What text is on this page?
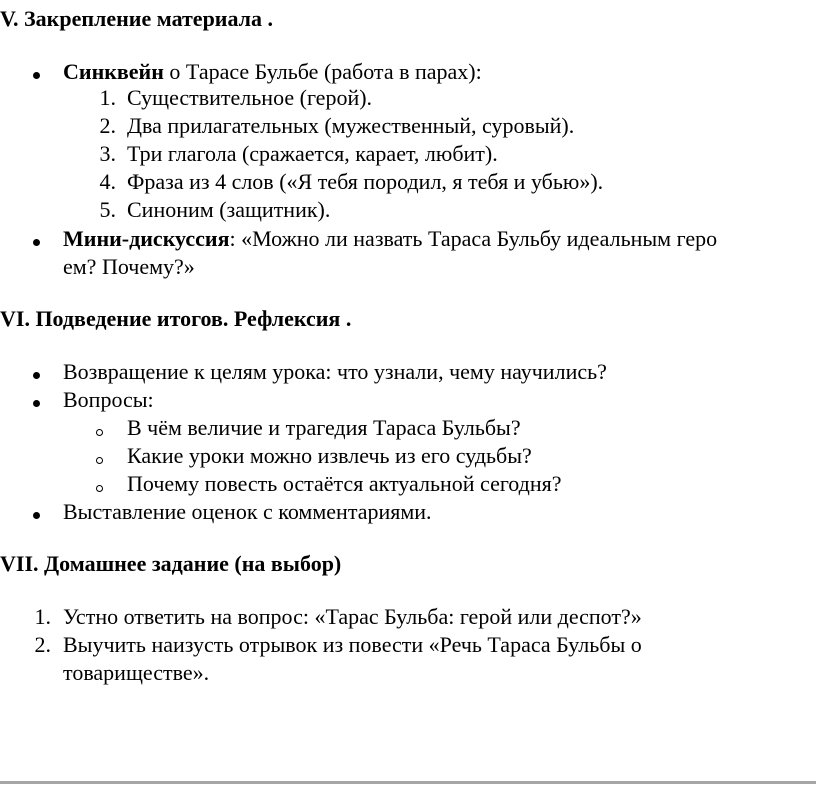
V. Закрепление материала .
Синквейн о Тарасе Бульбе (работа в парах):
1. Существительное (герой).
2. Два прилагательных (мужественный, суровый).
3. Три глагола (сражается, карает, любит).
4. Фраза из 4 слов («Я тебя породил, я тебя и убью»).
5. Синоним (защитник).
Мини-дискуссия: «Можно ли назвать Тараса Бульбу идеальным геро
ем? Почему?»
VI. Подведение итогов. Рефлексия .
Возвращение к целям урока: что узнали, чему научились?
Вопросы:
В чём величие и трагедия Тараса Бульбы?
Какие уроки можно извлечь из его судьбы?
Почему повесть остаётся актуальной сегодня?
Выставление оценок с комментариями.
VII. Домашнее задание (на выбор)
1. Устно ответить на вопрос: «Тарас Бульба: герой или деспот?»
2. Выучить наизусть отрывок из повести «Речь Тараса Бульбы о
товариществе».
